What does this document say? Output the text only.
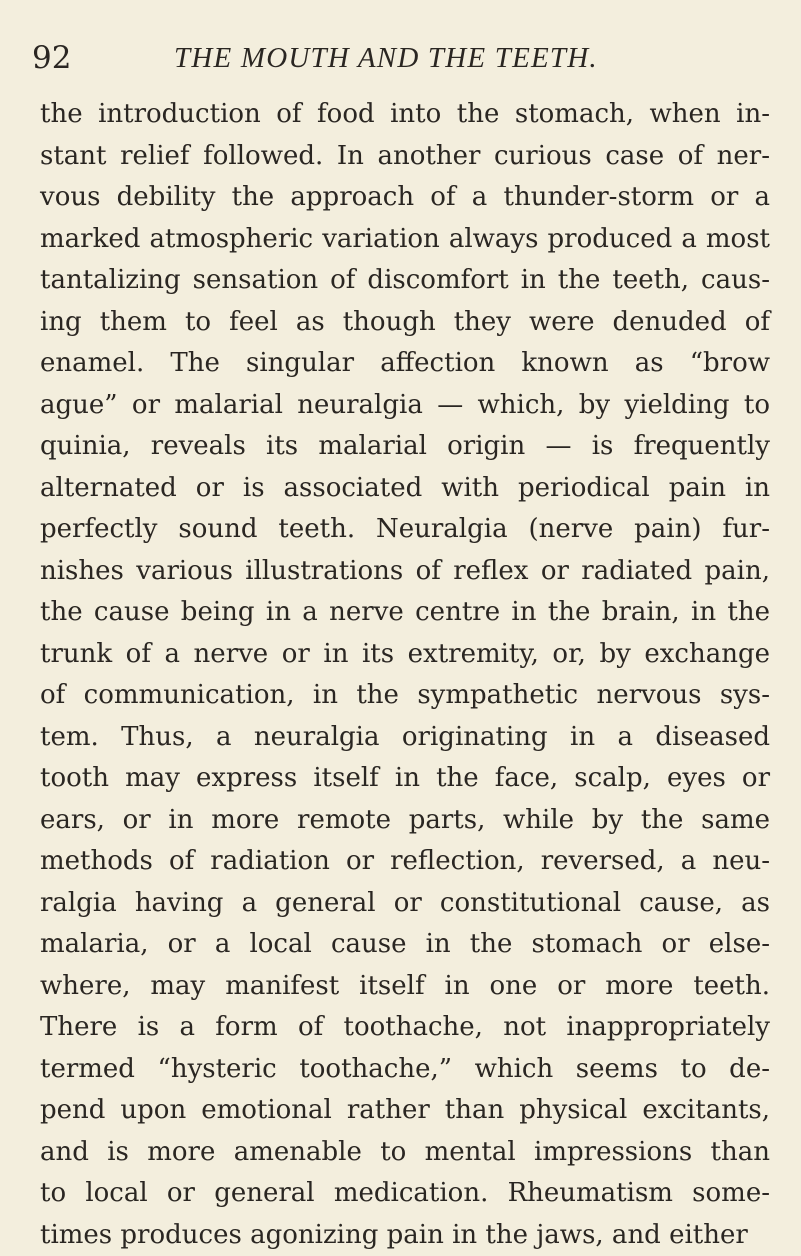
92	THE MOUTH AND THE TEETH.
the introduction of food into the stomach, when in-
stant relief followed. In another curious case of ner-
vous debility the approach of a thunder-storm or a
marked atmospheric variation always produced a most
tantalizing sensation of discomfort in the teeth, caus-
ing them to feel as though they were denuded of
enamel. The singular affection known as “brow
ague” or malarial neuralgia — which, by yielding to
quinia, reveals its malarial origin — is frequently
alternated or is associated with periodical pain in
perfectly sound teeth. Neuralgia (nerve pain) fur-
nishes various illustrations of reflex or radiated pain,
the cause being in a nerve centre in the brain, in the
trunk of a nerve or in its extremity, or, by exchange
of communication, in the sympathetic nervous sys-
tem. Thus, a neuralgia originating in a diseased
tooth may express itself in the face, scalp, eyes or
ears, or in more remote parts, while by the same
methods of radiation or reflection, reversed, a neu-
ralgia having a general or constitutional cause, as
malaria, or a local cause in the stomach or else-
where, may manifest itself in one or more teeth.
There is a form of toothache, not inappropriately
termed “hysteric toothache,” which seems to de-
pend upon emotional rather than physical excitants,
and is more amenable to mental impressions than
to local or general medication. Rheumatism some-
times produces agonizing pain in the jaws, and either
